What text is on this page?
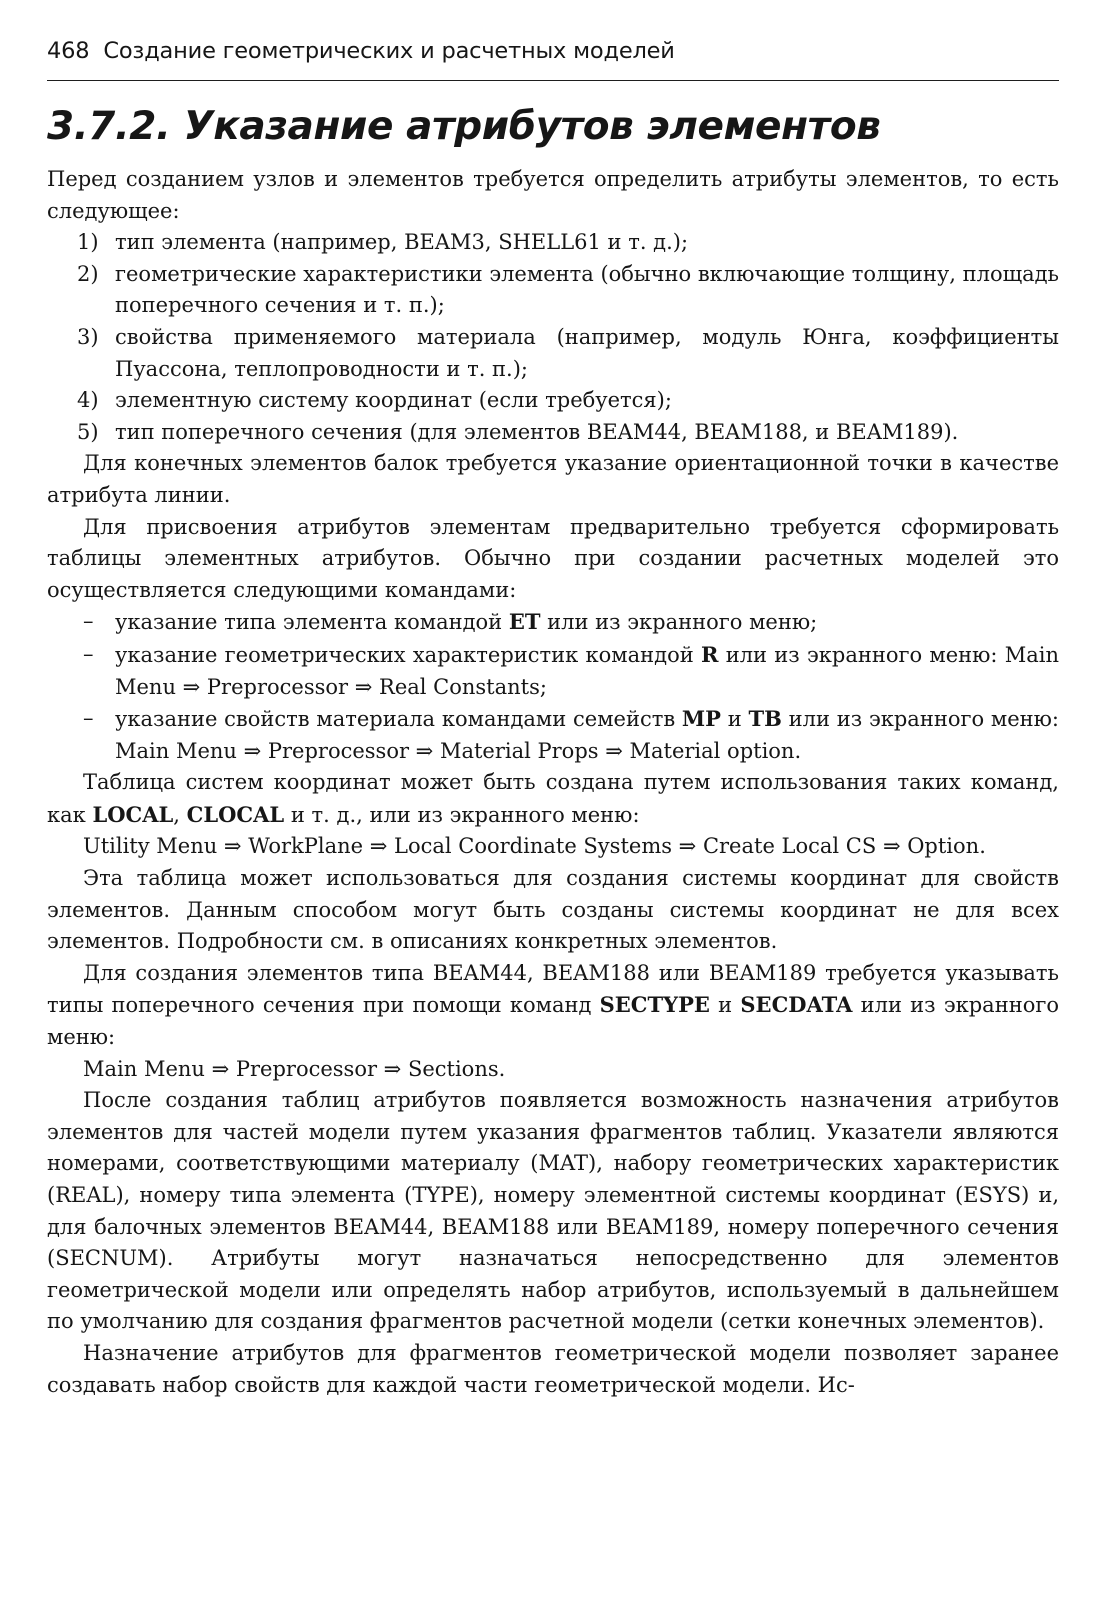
468 Создание геометрических и расчетных моделей
3.7.2. Указание атрибутов элементов

Перед созданием узлов и элементов требуется определить атрибуты элементов, то есть следующее:

1) тип элемента (например, BEAM3, SHELL61 и т. д.);
2) геометрические характеристики элемента (обычно включающие толщину, площадь поперечного сечения и т. п.);
3) свойства применяемого материала (например, модуль Юнга, коэффициенты Пуассона, теплопроводности и т. п.);
4) элементную систему координат (если требуется);
5) тип поперечного сечения (для элементов BEAM44, BEAM188, и BEAM189).

Для конечных элементов балок требуется указание ориентационной точки в качестве атрибута линии.

Для присвоения атрибутов элементам предварительно требуется сформировать таблицы элементных атрибутов. Обычно при создании расчетных моделей это осуществляется следующими командами:

– указание типа элемента командой ET или из экранного меню;
– указание геометрических характеристик командой R или из экранного меню: Main Menu ⇒ Preprocessor ⇒ Real Constants;
– указание свойств материала командами семейств MP и TB или из экранного меню: Main Menu ⇒ Preprocessor ⇒ Material Props ⇒ Material option.

Таблица систем координат может быть создана путем использования таких команд, как LOCAL, CLOCAL и т. д., или из экранного меню:

Utility Menu ⇒ WorkPlane ⇒ Local Coordinate Systems ⇒ Create Local CS ⇒ Option.

Эта таблица может использоваться для создания системы координат для свойств элементов. Данным способом могут быть созданы системы координат не для всех элементов. Подробности см. в описаниях конкретных элементов.

Для создания элементов типа BEAM44, BEAM188 или BEAM189 требуется указывать типы поперечного сечения при помощи команд SECTYPE и SECDATA или из экранного меню:

Main Menu ⇒ Preprocessor ⇒ Sections.

После создания таблиц атрибутов появляется возможность назначения атрибутов элементов для частей модели путем указания фрагментов таблиц. Указатели являются номерами, соответствующими материалу (MAT), набору геометрических характеристик (REAL), номеру типа элемента (TYPE), номеру элементной системы координат (ESYS) и, для балочных элементов BEAM44, BEAM188 или BEAM189, номеру поперечного сечения (SECNUM). Атрибуты могут назначаться непосредственно для элементов геометрической модели или определять набор атрибутов, используемый в дальнейшем по умолчанию для создания фрагментов расчетной модели (сетки конечных элементов).

Назначение атрибутов для фрагментов геометрической модели позволяет заранее создавать набор свойств для каждой части геометрической модели. Ис-
